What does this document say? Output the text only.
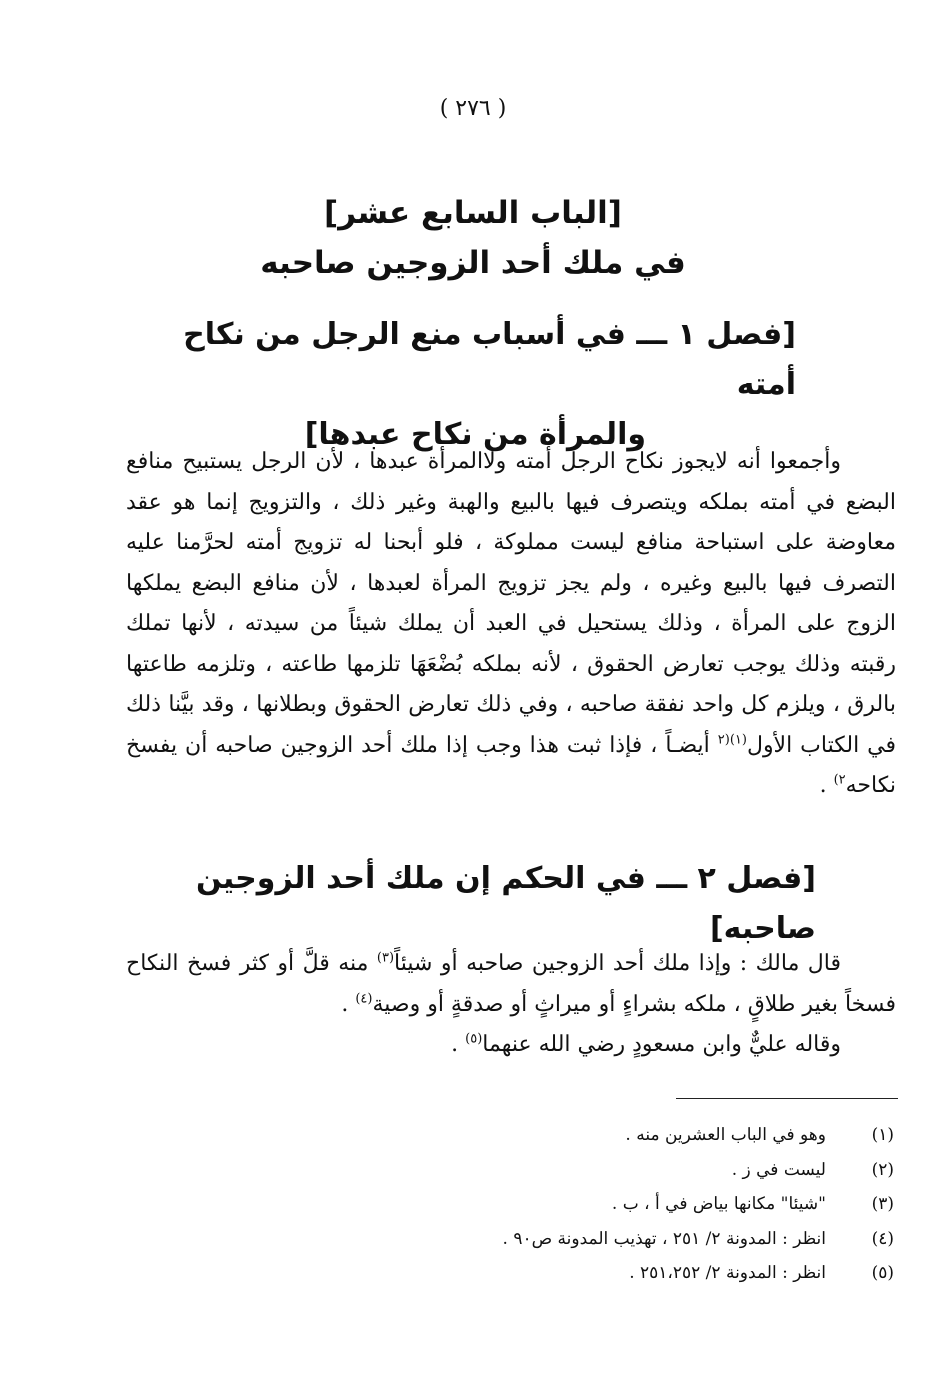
( ٢٧٦ )
[الباب السابع عشر]
في ملك أحد الزوجين صاحبه
[فصل ١ ـــ في أسباب منع الرجل من نكاح أمته
والمرأة من نكاح عبدها]

وأجمعوا أنه لايجوز نكاح الرجل أمته ولاالمرأة عبدها ، لأن الرجل يستبيح منافع البضع في أمته بملكه ويتصرف فيها بالبيع والهبة وغير ذلك ، والتزويج إنما هو عقد معاوضة على استباحة منافع ليست مملوكة ، فلو أبحنا له تزويج أمته لحرَّمنا عليه التصرف فيها بالبيع وغيره ، ولم يجز تزويج المرأة لعبدها ، لأن منافع البضع يملكها الزوج على المرأة ، وذلك يستحيل في العبد أن يملك شيئاً من سيدته ، لأنها تملك رقبته وذلك يوجب تعارض الحقوق ، لأنه بملكه بُضْعَهَا تلزمها طاعته ، وتلزمه طاعتها بالرق ، ويلزم كل واحد نفقة صاحبه ، وفي ذلك تعارض الحقوق وبطلانها ، وقد بيَّنا ذلك في الكتاب الأول$^{(١)(٢}$ أيضـاً ، فإذا ثبت هذا وجب إذا ملك أحد الزوجين صاحبه أن يفسخ نكاحه$^{٢)}$ .

[فصل ٢ ـــ في الحكم إن ملك أحد الزوجين صاحبه]

قال مالك : وإذا ملك أحد الزوجين صاحبه أو شيئاً$^{(٣)}$ منه قلَّ أو كثر فسخ النكاح فسخاً بغير طلاقٍ ، ملكه بشراءٍ أو ميراثٍ أو صدقةٍ أو وصية$^{(٤)}$ .

وقاله عليٌّ وابن مسعودٍ رضي الله عنهما$^{(٥)}$ .

(١)
وهو في الباب العشرين منه .
(٢)
ليست في ز .
(٣)
"شيئا" مكانها بياض في أ ، ب .
(٤)
انظر : المدونة ٢/ ٢٥١ ، تهذيب المدونة ص٩٠ .
(٥)
انظر : المدونة ٢/ ٢٥١،٢٥٢ .
